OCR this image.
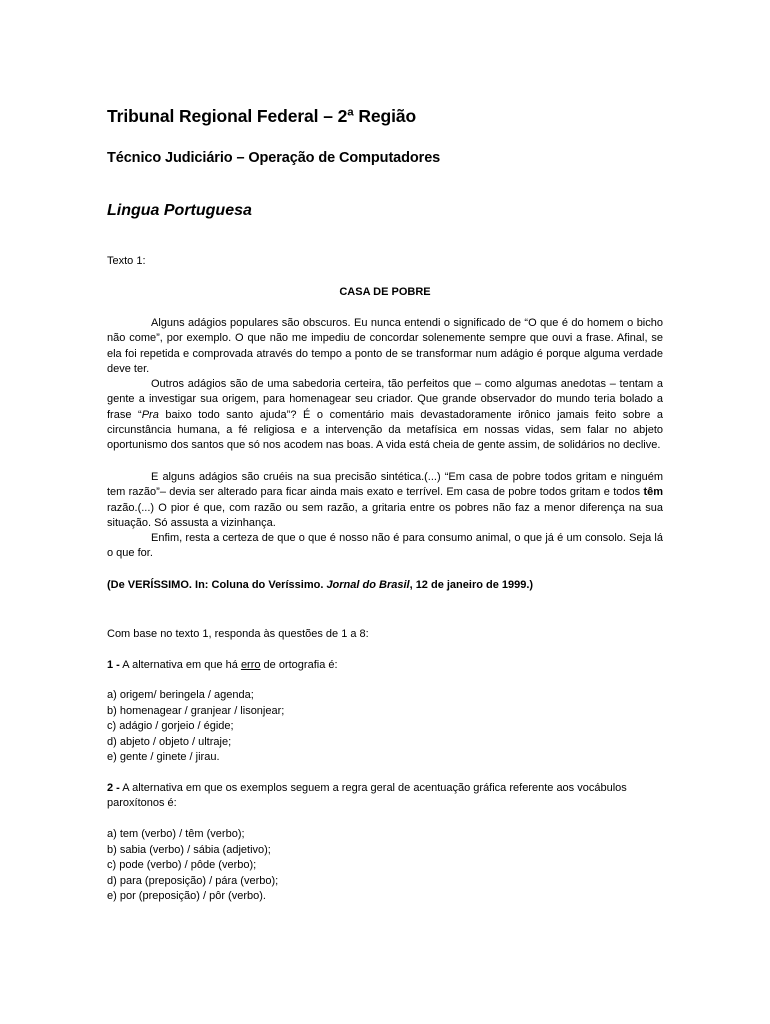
Tribunal Regional Federal – 2ª Região
Técnico Judiciário – Operação de Computadores
Lingua Portuguesa
Texto 1:
CASA DE POBRE
Alguns adágios populares são obscuros. Eu nunca entendi o significado de “O que é do homem o bicho não come”, por exemplo. O que não me impediu de concordar solenemente sempre que ouvi a frase. Afinal, se ela foi repetida e comprovada através do tempo a ponto de se transformar num adágio é porque alguma verdade deve ter.
Outros adágios são de uma sabedoria certeira, tão perfeitos que – como algumas anedotas – tentam a gente a investigar sua origem, para homenagear seu criador. Que grande observador do mundo teria bolado a frase “Pra baixo todo santo ajuda”? É o comentário mais devastadoramente irônico jamais feito sobre a circunstância humana, a fé religiosa e a intervenção da metafísica em nossas vidas, sem falar no abjeto oportunismo dos santos que só nos acodem nas boas. A vida está cheia de gente assim, de solidários no declive.
E alguns adágios são cruéis na sua precisão sintética.(...) “Em casa de pobre todos gritam e ninguém tem razão”– devia ser alterado para ficar ainda mais exato e terrível. Em casa de pobre todos gritam e todos têm razão.(...) O pior é que, com razão ou sem razão, a gritaria entre os pobres não faz a menor diferença na sua situação. Só assusta a vizinhança.
Enfim, resta a certeza de que o que é nosso não é para consumo animal, o que já é um consolo. Seja lá o que for.
(De VERÍSSIMO. In: Coluna do Veríssimo. Jornal do Brasil, 12 de janeiro de 1999.)
Com base no texto 1, responda às questões de 1 a 8:
1 - A alternativa em que há erro de ortografia é:
a) origem/ beringela / agenda;
b) homenagear / granjear / lisonjear;
c) adágio / gorjeio / égide;
d) abjeto / objeto / ultraje;
e) gente / ginete / jirau.
2 - A alternativa em que os exemplos seguem a regra geral de acentuação gráfica referente aos vocábulos paroxítonos é:
a) tem (verbo) / têm (verbo);
b) sabia (verbo) / sábia (adjetivo);
c) pode (verbo) / pôde (verbo);
d) para (preposição) / pára (verbo);
e) por (preposição) / pôr (verbo).
